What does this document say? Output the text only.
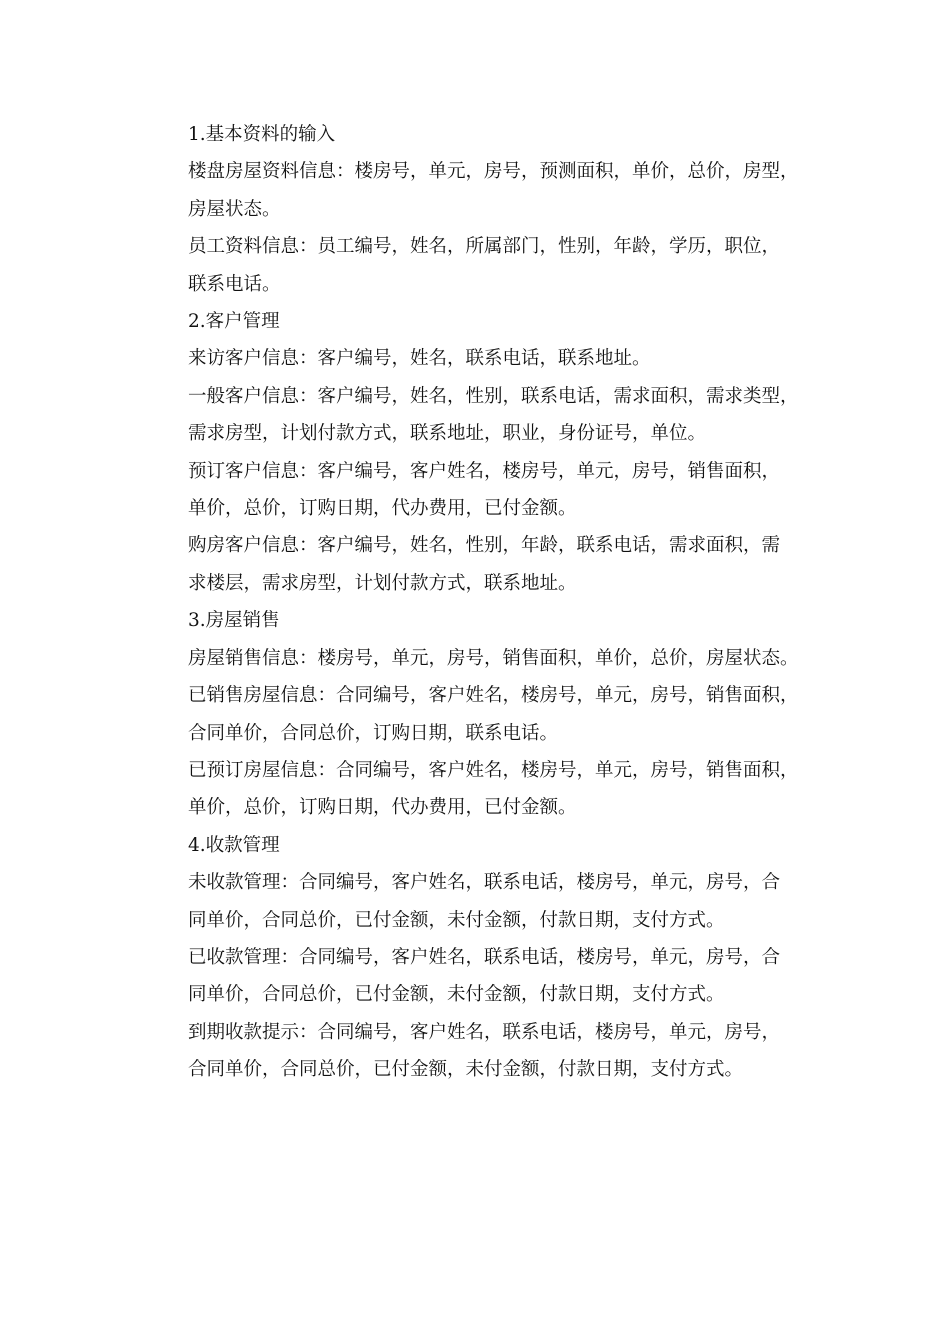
1.基本资料的输入
楼盘房屋资料信息：楼房号，单元，房号，预测面积，单价，总价，房型，
房屋状态。
员工资料信息：员工编号，姓名，所属部门，性别，年龄，学历，职位，
联系电话。
2.客户管理
来访客户信息：客户编号，姓名，联系电话，联系地址。
一般客户信息：客户编号，姓名，性别，联系电话，需求面积，需求类型，
需求房型，计划付款方式，联系地址，职业，身份证号，单位。
预订客户信息：客户编号，客户姓名，楼房号，单元，房号，销售面积，
单价，总价，订购日期，代办费用，已付金额。
购房客户信息：客户编号，姓名，性别，年龄，联系电话，需求面积，需
求楼层，需求房型，计划付款方式，联系地址。
3.房屋销售
房屋销售信息：楼房号，单元，房号，销售面积，单价，总价，房屋状态。
已销售房屋信息：合同编号，客户姓名，楼房号，单元，房号，销售面积，
合同单价，合同总价，订购日期，联系电话。
已预订房屋信息：合同编号，客户姓名，楼房号，单元，房号，销售面积，
单价，总价，订购日期，代办费用，已付金额。
4.收款管理
未收款管理：合同编号，客户姓名，联系电话，楼房号，单元，房号，合
同单价，合同总价，已付金额，未付金额，付款日期，支付方式。
已收款管理：合同编号，客户姓名，联系电话，楼房号，单元，房号，合
同单价，合同总价，已付金额，未付金额，付款日期，支付方式。
到期收款提示：合同编号，客户姓名，联系电话，楼房号，单元，房号，
合同单价，合同总价，已付金额，未付金额，付款日期，支付方式。
